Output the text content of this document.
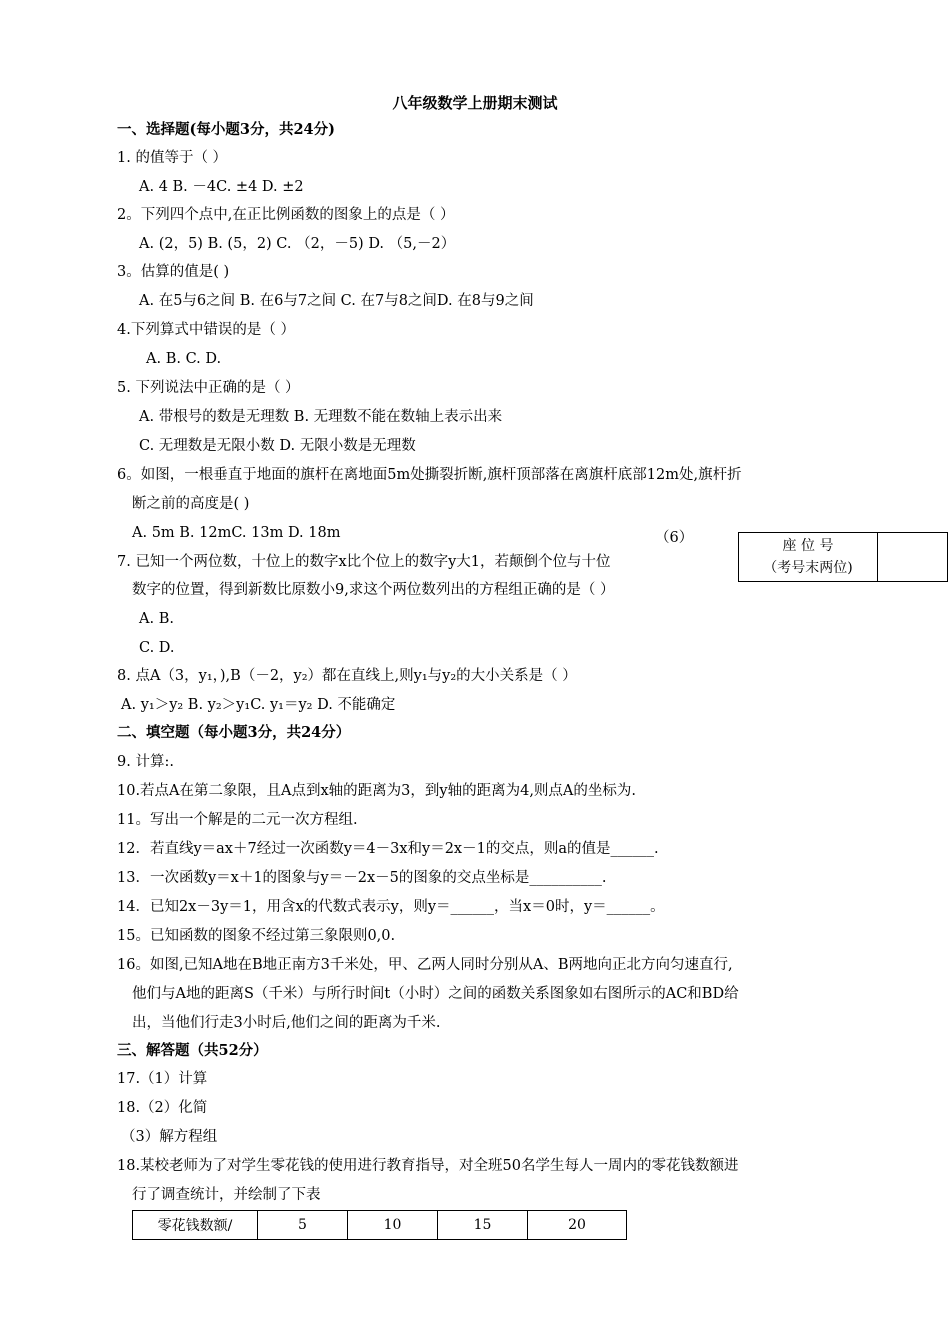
八年级数学上册期末测试
一、选择题(每小题3分，共24分)
1. 的值等于（ ）
A. 4 B. －4C. ±4 D. ±2
2。下列四个点中,在正比例函数的图象上的点是（ ）
A. (2，5) B. (5，2) C. （2，－5) D. （5,－2）
3。估算的值是( )
A. 在5与6之间 B. 在6与7之间 C. 在7与8之间D. 在8与9之间
4.下列算式中错误的是（ ）
A. B. C. D.
5. 下列说法中正确的是（ ）
A. 带根号的数是无理数 B. 无理数不能在数轴上表示出来
C. 无理数是无限小数 D. 无限小数是无理数
6。如图，一根垂直于地面的旗杆在离地面5m处撕裂折断,旗杆顶部落在离旗杆底部12m处,旗杆折
断之前的高度是( )
A. 5m B. 12mC. 13m D. 18m	（6）	座 位 号
（考号末两位)
7. 已知一个两位数，十位上的数字x比个位上的数字y大1，若颠倒个位与十位
数字的位置，得到新数比原数小9,求这个两位数列出的方程组正确的是（ ）
A. B.
C. D.
8. 点A（3，y₁，),B（－2，y₂）都在直线上,则y₁与y₂的大小关系是（ ）
A. y₁＞y₂ B. y₂＞y₁C. y₁＝y₂ D. 不能确定
二、填空题（每小题3分，共24分）
9. 计算:.
10.若点A在第二象限，且A点到x轴的距离为3，到y轴的距离为4,则点A的坐标为.
11。写出一个解是的二元一次方程组.
12．若直线y＝ax＋7经过一次函数y＝4－3x和y＝2x－1的交点，则a的值是______.
13．一次函数y＝x＋1的图象与y＝－2x－5的图象的交点坐标是__________.
14．已知2x－3y＝1，用含x的代数式表示y，则y＝______，当x＝0时，y＝______。
15。已知函数的图象不经过第三象限则0,0.
16。如图,已知A地在B地正南方3千米处，甲、乙两人同时分别从A、B两地向正北方向匀速直行,
他们与A地的距离S（千米）与所行时间t（小时）之间的函数关系图象如右图所示的AC和BD给
出，当他们行走3小时后,他们之间的距离为千米.
三、解答题（共52分）
17.（1）计算
18.（2）化简
（3）解方程组
18.某校老师为了对学生零花钱的使用进行教育指导，对全班50名学生每人一周内的零花钱数额进
行了调查统计，并绘制了下表
零花钱数额/	5	10	15	20
